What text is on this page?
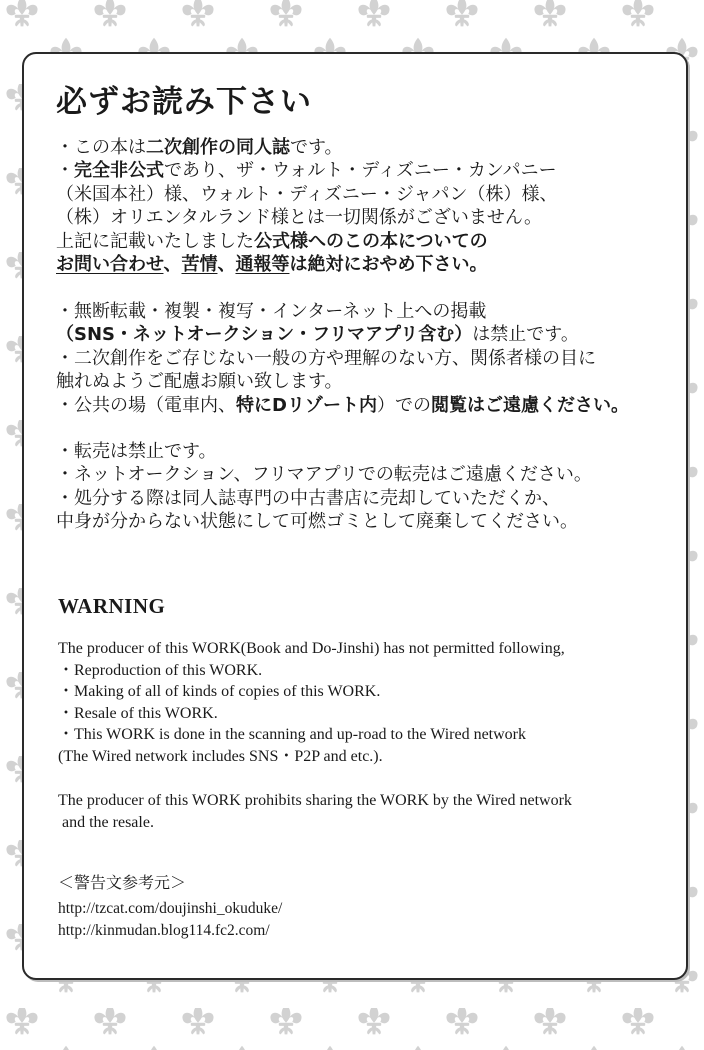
必ずお読み下さい
・この本は二次創作の同人誌です。
・完全非公式であり、ザ・ウォルト・ディズニー・カンパニー
（米国本社）様、ウォルト・ディズニー・ジャパン（株）様、
（株）オリエンタルランド様とは一切関係がございません。
上記に記載いたしました公式様へのこの本についての
お問い合わせ、苦情、通報等は絶対におやめ下さい。
・無断転載・複製・複写・インターネット上への掲載
（SNS・ネットオークション・フリマアプリ含む）は禁止です。
・二次創作をご存じない一般の方や理解のない方、関係者様の目に
触れぬようご配慮お願い致します。
・公共の場（電車内、特にDリゾート内）での閲覧はご遠慮ください。
・転売は禁止です。
・ネットオークション、フリマアプリでの転売はご遠慮ください。
・処分する際は同人誌専門の中古書店に売却していただくか、
中身が分からない状態にして可燃ゴミとして廃棄してください。
WARNING
The producer of this WORK(Book and Do-Jinshi) has not permitted following,
・Reproduction of this WORK.
・Making of all of kinds of copies of this WORK.
・Resale of this WORK.
・This WORK is done in the scanning and up-road to the Wired network
(The Wired network includes SNS・P2P and etc.).
The producer of this WORK prohibits sharing the WORK by the Wired network
and the resale.
＜警告文参考元＞
http://tzcat.com/doujinshi_okuduke/
http://kinmudan.blog114.fc2.com/
